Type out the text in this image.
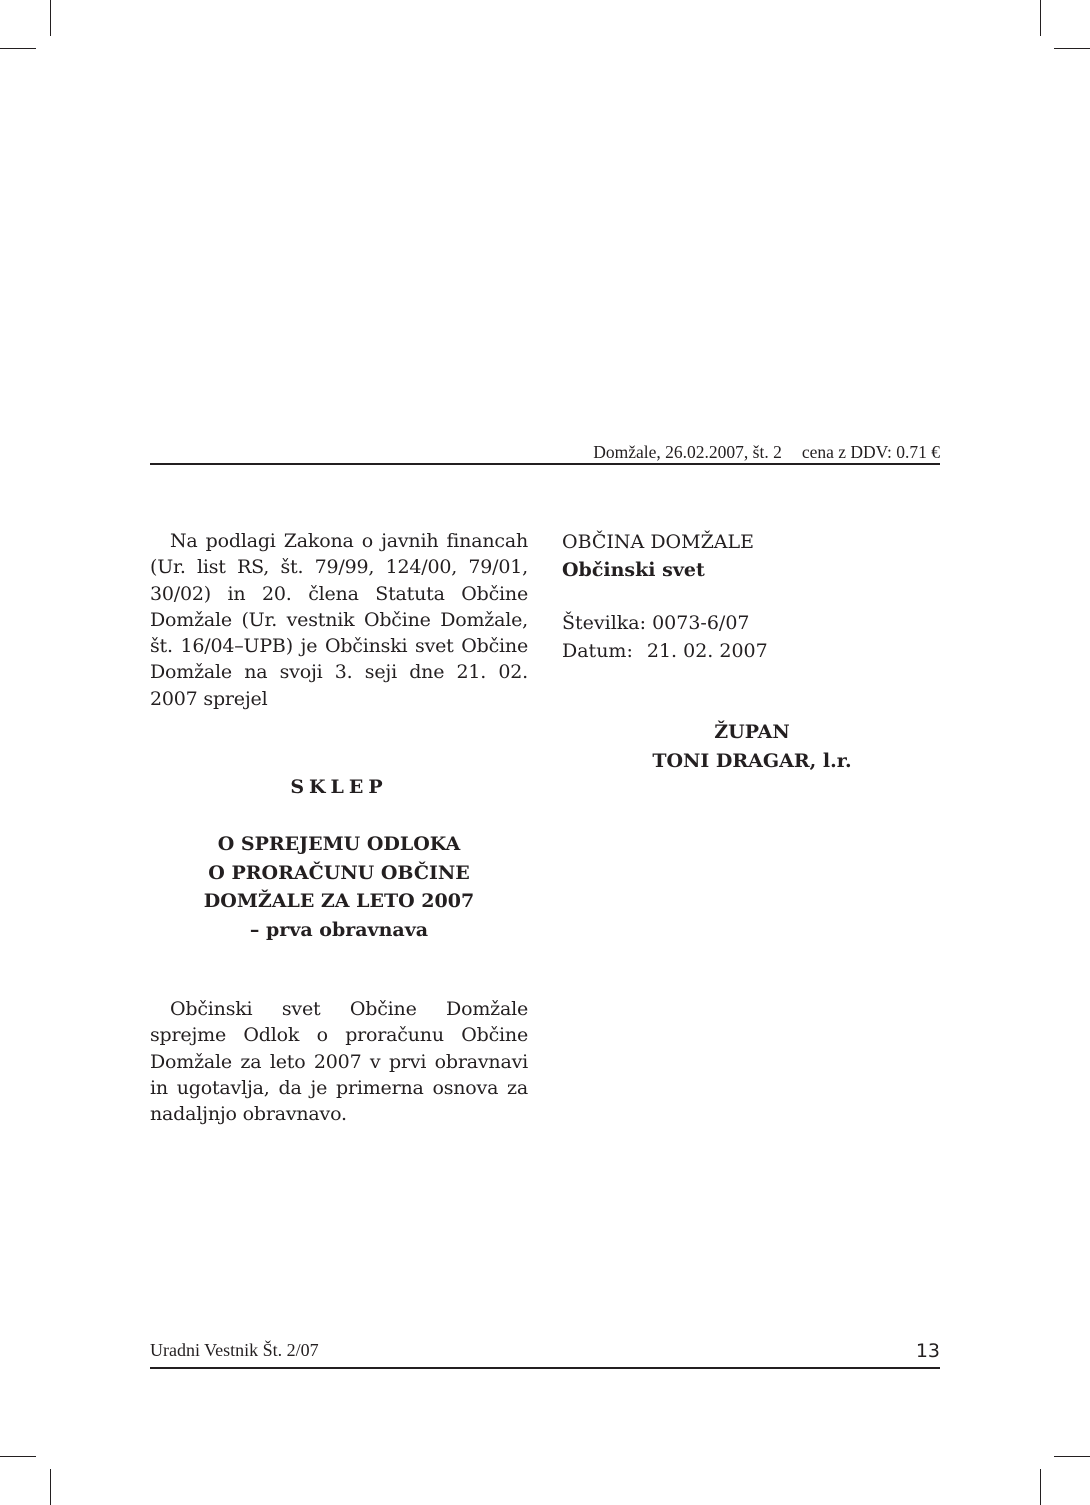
Domžale, 26.02.2007, št. 2 cena z DDV: 0.71 €

Na podlagi Zakona o javnih financah (Ur. list RS, št. 79/99, 124/00, 79/01, 30/02) in 20. člena Statuta Občine Domžale (Ur. vestnik Občine Domžale, št. 16/04–UPB) je Občinski svet Občine Domžale na svoji 3. seji dne 21. 02. 2007 sprejel

SKLEP
O SPREJEMU ODLOKA
O PRORAČUNU OBČINE
DOMŽALE ZA LETO 2007
– prva obravnava

Občinski svet Občine Domžale sprejme Odlok o proračunu Občine Domžale za leto 2007 v prvi obravnavi in ugotavlja, da je primerna osnova za nadaljnjo obravnavo.

OBČINA DOMŽALE
Občinski svet
Številka: 0073-6/07
Datum: 21. 02. 2007
ŽUPAN
TONI DRAGAR, l.r.
Uradni Vestnik Št. 2/07	13
